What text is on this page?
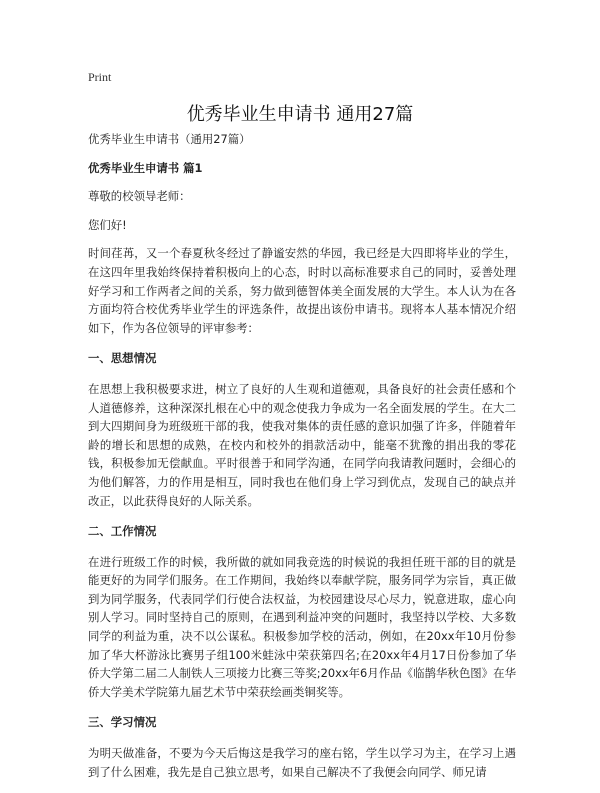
Print
优秀毕业生申请书 通用27篇

优秀毕业生申请书（通用27篇）

优秀毕业生申请书 篇1

尊敬的校领导老师：

您们好!

时间荏苒，又一个春夏秋冬经过了静谧安然的华园，我已经是大四即将毕业的学生，在这四年里我始终保持着积极向上的心态，时时以高标准要求自己的同时，妥善处理好学习和工作两者之间的关系，努力做到德智体美全面发展的大学生。本人认为在各方面均符合校优秀毕业学生的评选条件，故提出该份申请书。现将本人基本情况介绍如下，作为各位领导的评审参考：

一、思想情况

在思想上我积极要求进，树立了良好的人生观和道德观，具备良好的社会责任感和个人道德修养，这种深深扎根在心中的观念使我力争成为一名全面发展的学生。在大二到大四期间身为班级班干部的我，使我对集体的责任感的意识加强了许多，伴随着年龄的增长和思想的成熟，在校内和校外的捐款活动中，能毫不犹豫的捐出我的零花钱，积极参加无偿献血。平时很善于和同学沟通，在同学向我请教问题时，会细心的为他们解答，力的作用是相互，同时我也在他们身上学习到优点，发现自己的缺点并改正，以此获得良好的人际关系。

二、工作情况

在进行班级工作的时候，我所做的就如同我竞选的时候说的我担任班干部的目的就是能更好的为同学们服务。在工作期间，我始终以奉献学院，服务同学为宗旨，真正做到为同学服务，代表同学们行使合法权益，为校园建设尽心尽力，锐意进取，虚心向别人学习。同时坚持自己的原则，在遇到利益冲突的问题时，我坚持以学校、大多数同学的利益为重，决不以公谋私。积极参加学校的活动，例如，在20xx年10月份参加了华大杯游泳比赛男子组100米蛙泳中荣获第四名;在20xx年4月17日份参加了华侨大学第二届二人制铁人三项接力比赛三等奖;20xx年6月作品《临鹊华秋色图》在华侨大学美术学院第九届艺术节中荣获绘画类铜奖等。

三、学习情况

为明天做准备，不要为今天后悔这是我学习的座右铭，学生以学习为主，在学习上遇到了什么困难，我先是自己独立思考，如果自己解决不了我便会向同学、师兄请
